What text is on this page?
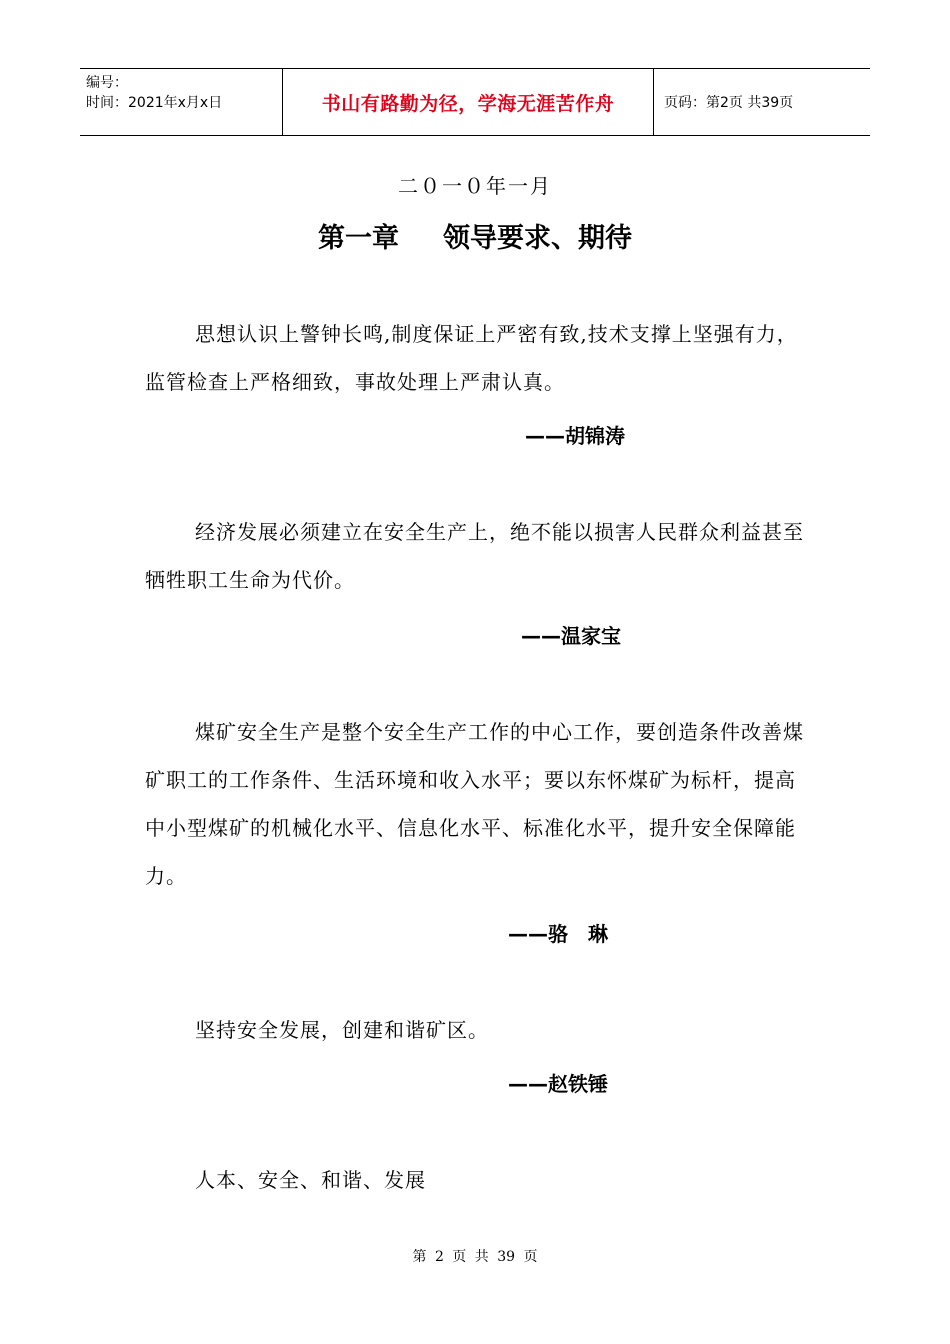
编号：
时间：2021年x月x日	书山有路勤为径，学海无涯苦作舟	页码：第2页 共39页
二０一０年一月
第一章 领导要求、期待

思想认识上警钟长鸣,制度保证上严密有致,技术支撑上坚强有力，监管检查上严格细致，事故处理上严肃认真。

——胡锦涛

经济发展必须建立在安全生产上，绝不能以损害人民群众利益甚至牺牲职工生命为代价。

——温家宝

煤矿安全生产是整个安全生产工作的中心工作，要创造条件改善煤矿职工的工作条件、生活环境和收入水平；要以东怀煤矿为标杆，提高中小型煤矿的机械化水平、信息化水平、标准化水平，提升安全保障能力。

——骆　琳

坚持安全发展，创建和谐矿区。

——赵铁锤

人本、安全、和谐、发展

第 2 页 共 39 页
